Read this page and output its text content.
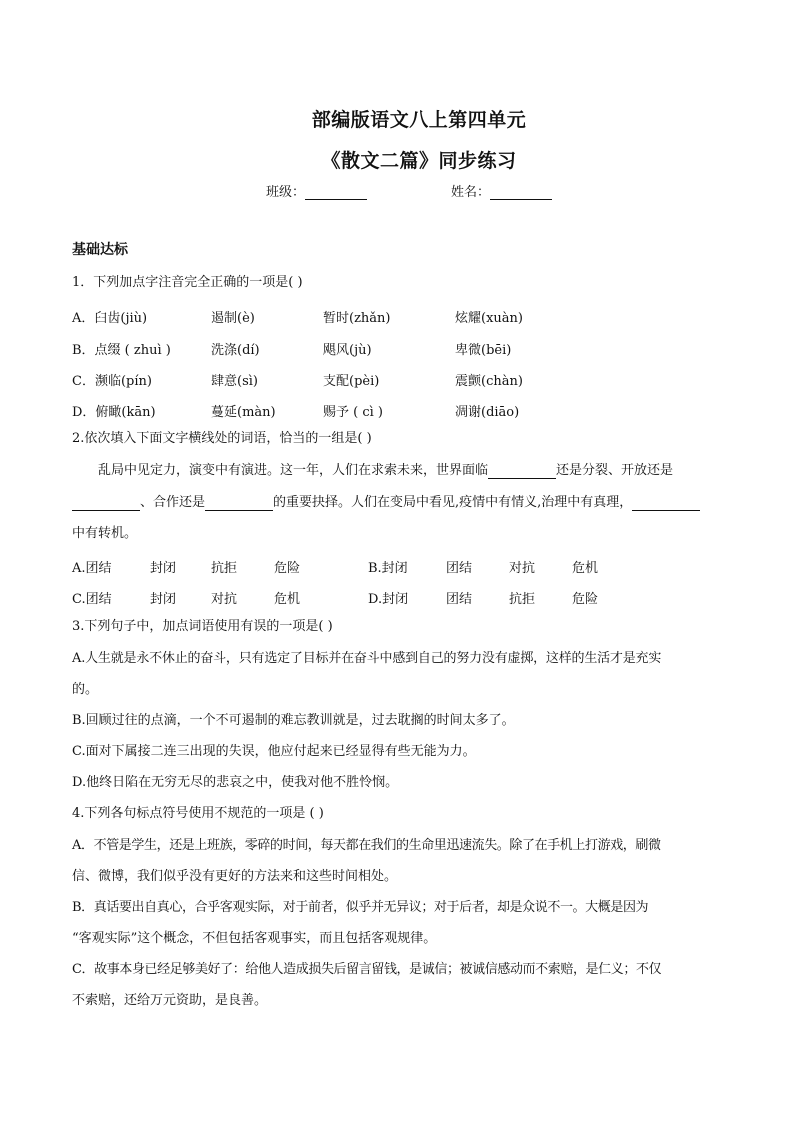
部编版语文八上第四单元
《散文二篇》同步练习
班级：	姓名：
基础达标
1．下列加点字注音完全正确的一项是( )
A．臼齿(jiù)	遏制(è)	暂时(zhǎn)	炫耀(xuàn)
B．点缀 ( zhuì )	洗涤(dí)	飓风(jù)	卑微(bēi)
C．濒临(pín)	肆意(sì)	支配(pèi)	震颤(chàn)
D．俯瞰(kān)	蔓延(màn)	赐予 ( cì )	凋谢(diāo)
2.依次填入下面文字横线处的词语，恰当的一组是( )
乱局中见定力，演变中有演进。这一年，人们在求索未来，世界面临	还是分裂、开放还是
、合作还是	的重要抉择。人们在变局中看见,疫情中有情义,治理中有真理，
中有转机。
A.团结	封闭	抗拒	危险	B.封闭	团结	对抗	危机
C.团结	封闭	对抗	危机	D.封闭	团结	抗拒	危险
3.下列句子中，加点词语使用有误的一项是( )
A.人生就是永不休止的奋斗，只有选定了目标并在奋斗中感到自己的努力没有虚掷，这样的生活才是充实
的。
B.回顾过往的点滴，一个不可遏制的难忘教训就是，过去耽搁的时间太多了。
C.面对下属接二连三出现的失误，他应付起来已经显得有些无能为力。
D.他终日陷在无穷无尽的悲哀之中，使我对他不胜怜悯。
4.下列各句标点符号使用不规范的一项是 ( )
A．不管是学生，还是上班族，零碎的时间，每天都在我们的生命里迅速流失。除了在手机上打游戏，刷微
信、微博，我们似乎没有更好的方法来和这些时间相处。
B．真话要出自真心，合乎客观实际，对于前者，似乎并无异议；对于后者，却是众说不一。大概是因为
“客观实际”这个概念，不但包括客观事实，而且包括客观规律。
C．故事本身已经足够美好了：给他人造成损失后留言留钱，是诚信；被诚信感动而不索赔，是仁义；不仅
不索赔，还给万元资助，是良善。
